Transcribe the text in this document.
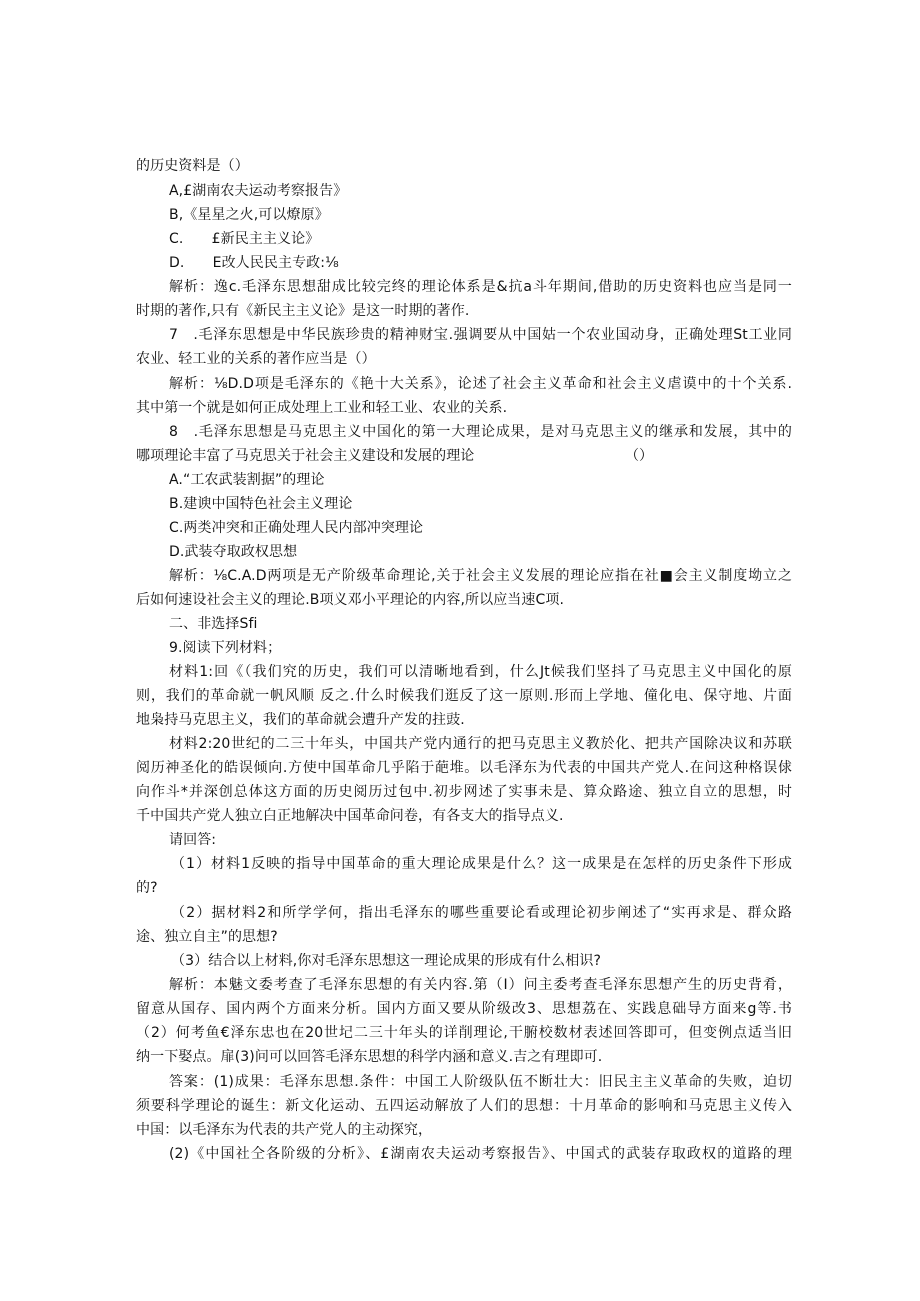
的历史资料是（）
A,£湖南农夫运动考察报告》
B,《星星之火,可以燎原》
C.　　£新民主主义论》
D.　　E改人民民主专政:⅛
解析：逸c.毛泽东思想甜成比较完终的理论体系是&抗a斗年期间,借助的历史资料也应当是同一
时期的著作,只有《新民主主义论》是这一时期的著作.
7　.毛泽东思想是中华民族珍贵的精神财宝.强调要从中国姑一个农业国动身，正确处理St工业同
农业、轻工业的关系的著作应当是（）
解析：⅛D.D项是毛泽东的《艳十大关系》，论述了社会主义革命和社会主义虐谟中的十个关系.
其中第一个就是如何正成处理上工业和轻工业、农业的关系.
8　.毛泽东思想是马克思主义中国化的第一大理论成果，是对马克思主义的继承和发展，其中的
哪项理论丰富了马克思关于社会主义建设和发展的理论	（）
A.“工农武装割据”的理论
B.建谀中国特色社会主义理论
C.两类冲突和正确处理人民内部冲突理论
D.武装夺取政权思想
解析：⅛C.A.D两项是无产阶级革命理论,关于社会主义发展的理论应指在社■会主义制度坳立之
后如何速设社会主义的理论.B项义邓小平理论的内容,所以应当速C项.
二、非选择Sfi
9.阅读下列材料；
材料1:回《（我们究的历史，我们可以清晰地看到，什么Jt候我们坚抖了马克思主义中国化的原
则，我们的革命就一帆风顺 反之.什么时候我们逛反了这一原则.形而上学地、僮化电、保守地、片面
地枭持马克思主义，我们的革命就会遭升产发的拄豉.
材料2:20世纪的二三十年头，中国共产党内通行的把马克思主义教於化、把共产国除决议和苏联
阅历神圣化的皓误倾向.方使中国革命几乎陷于葩堆。以毛泽东为代表的中国共产党人.在问这种格误俅
向作斗*并深创总体这方面的历史阅历过包中.初步网述了实事未是、算众路途、独立自立的思想，时
千中国共产党人独立白正地解决中国革命问卷，有各支大的指导点义.
请回答:
（1）材料1反映的指导中国革命的重大理论成果是什么？这一成果是在怎样的历史条件下形成
的?
（2）据材料2和所学学何，指出毛泽东的哪些重要论看或理论初步阐述了“实再求是、群众路
途、独立自主”的思想?
（3）结合以上材料,你对毛泽东思想这一理论成果的形成有什么相识?
解析：本魅文委考查了毛泽东思想的有关内容.第（I）问主委考查毛泽东思想产生的历史背肴，
留意从国存、国内两个方面来分析。国内方面又要从阶级改3、思想荔在、实践息础导方面来g等.书
（2）何考鱼€泽东忠也在20世圮二三十年头的详削理论,干腑校数材表述回答即可，但变例点适当旧
纳一下娶点。扉(3)问可以回答毛泽东思想的科学内涵和意义.吉之有理即可.
答案：(1)成果：毛泽东思想.条件：中国工人阶级队伍不断壮大：旧民主主义革命的失败，迫切
须要科学理论的诞生：新文化运动、五四运动解放了人们的思想：十月革命的影响和马克思主义传入
中国：以毛泽东为代表的共产党人的主动探究，
(2)《中国社仝各阶级的分析》、£湖南农夫运动考察报告》、中国式的武装存取政权的道路的理
